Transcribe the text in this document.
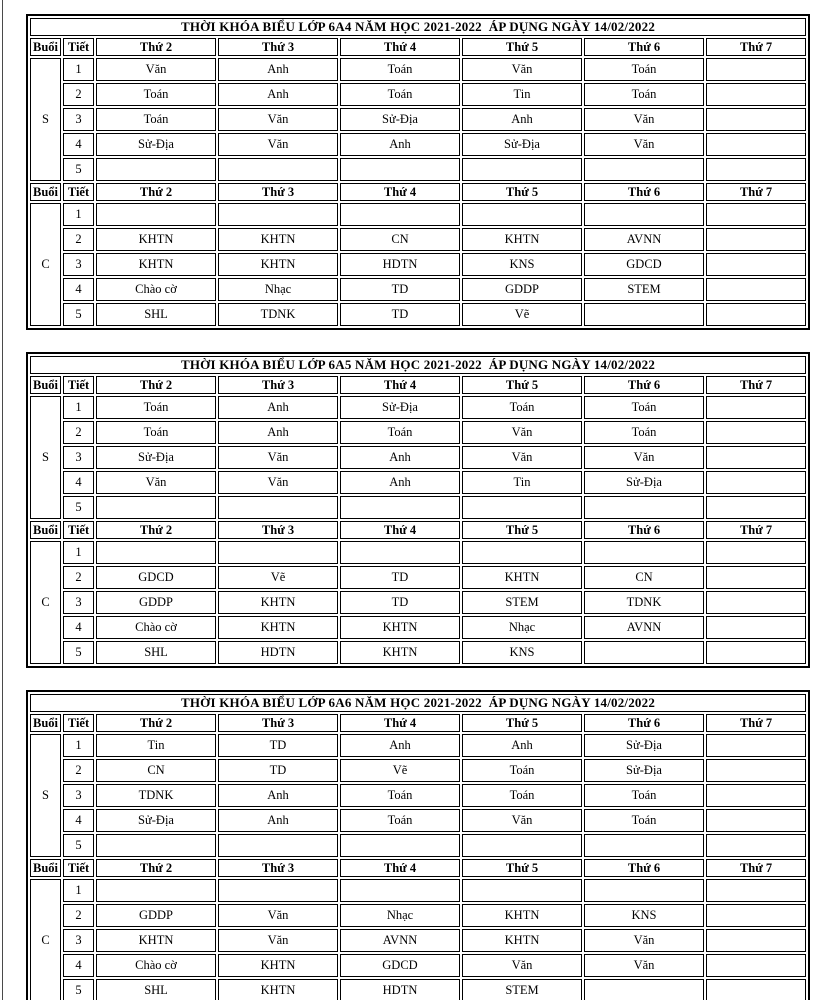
THỜI KHÓA BIỂU LỚP 6A4 NĂM HỌC 2021-2022  ÁP DỤNG NGÀY 14/02/2022							
Buổi	Tiết	Thứ 2	Thứ 3	Thứ 4	Thứ 5	Thứ 6	Thứ 7
S	1	Văn	Anh	Toán	Văn	Toán	
	2	Toán	Anh	Toán	Tin	Toán	
	3	Toán	Văn	Sử-Địa	Anh	Văn	
	4	Sử-Địa	Văn	Anh	Sử-Địa	Văn	
	5						
Buổi	Tiết	Thứ 2	Thứ 3	Thứ 4	Thứ 5	Thứ 6	Thứ 7
C	1						
	2	KHTN	KHTN	CN	KHTN	AVNN	
	3	KHTN	KHTN	HDTN	KNS	GDCD	
	4	Chào cờ	Nhạc	TD	GDDP	STEM	
	5	SHL	TDNK	TD	Vẽ		
THỜI KHÓA BIỂU LỚP 6A5 NĂM HỌC 2021-2022  ÁP DỤNG NGÀY 14/02/2022							
Buổi	Tiết	Thứ 2	Thứ 3	Thứ 4	Thứ 5	Thứ 6	Thứ 7
S	1	Toán	Anh	Sử-Địa	Toán	Toán	
	2	Toán	Anh	Toán	Văn	Toán	
	3	Sử-Địa	Văn	Anh	Văn	Văn	
	4	Văn	Văn	Anh	Tin	Sử-Địa	
	5						
Buổi	Tiết	Thứ 2	Thứ 3	Thứ 4	Thứ 5	Thứ 6	Thứ 7
C	1						
	2	GDCD	Vẽ	TD	KHTN	CN	
	3	GDDP	KHTN	TD	STEM	TDNK	
	4	Chào cờ	KHTN	KHTN	Nhạc	AVNN	
	5	SHL	HDTN	KHTN	KNS		
THỜI KHÓA BIỂU LỚP 6A6 NĂM HỌC 2021-2022  ÁP DỤNG NGÀY 14/02/2022							
Buổi	Tiết	Thứ 2	Thứ 3	Thứ 4	Thứ 5	Thứ 6	Thứ 7
S	1	Tin	TD	Anh	Anh	Sử-Địa	
	2	CN	TD	Vẽ	Toán	Sử-Địa	
	3	TDNK	Anh	Toán	Toán	Toán	
	4	Sử-Địa	Anh	Toán	Văn	Toán	
	5						
Buổi	Tiết	Thứ 2	Thứ 3	Thứ 4	Thứ 5	Thứ 6	Thứ 7
C	1						
	2	GDDP	Văn	Nhạc	KHTN	KNS	
	3	KHTN	Văn	AVNN	KHTN	Văn	
	4	Chào cờ	KHTN	GDCD	Văn	Văn	
	5	SHL	KHTN	HDTN	STEM		
